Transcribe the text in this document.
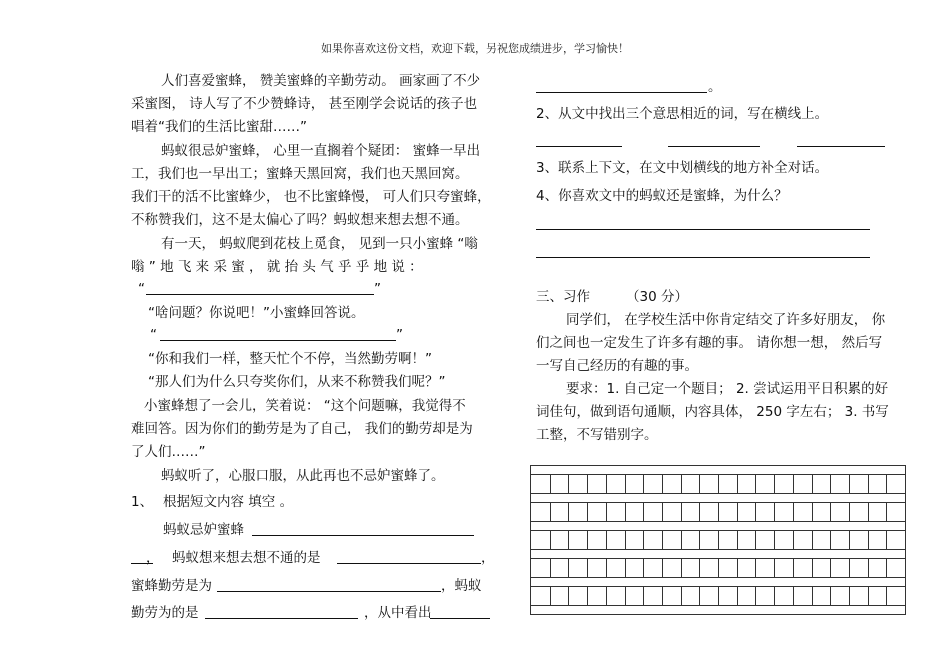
如果你喜欢这份文档，欢迎下载，另祝您成绩进步，学习愉快！
人们喜爱蜜蜂， 赞美蜜蜂的辛勤劳动。 画家画了不少
采蜜图， 诗人写了不少赞蜂诗， 甚至刚学会说话的孩子也
唱着“我们的生活比蜜甜……”
蚂蚁很忌妒蜜蜂， 心里一直搁着个疑团： 蜜蜂一早出
工，我们也一早出工；蜜蜂天黑回窝，我们也天黑回窝。
我们干的活不比蜜蜂少， 也不比蜜蜂慢， 可人们只夸蜜蜂，
不称赞我们，这不是太偏心了吗？蚂蚁想来想去想不通。
有一天， 蚂蚁爬到花枝上觅食， 见到一只小蜜蜂 “嗡
嗡 ” 地 飞 来 采 蜜 ， 就 抬 头 气 乎 乎 地 说 ：
“	”
“啥问题？你说吧！”小蜜蜂回答说。
“	”
“你和我们一样，整天忙个不停，当然勤劳啊！”
“那人们为什么只夸奖你们，从来不称赞我们呢？”
小蜜蜂想了一会儿，笑着说： “这个问题嘛，我觉得不
难回答。因为你们的勤劳是为了自己， 我们的勤劳却是为
了人们……”
蚂蚁听了，心服口服，从此再也不忌妒蜜蜂了。
1、 根据短文内容 填空 。
蚂蚁忌妒蜜蜂
， 蚂蚁想来想去想不通的是	，
蜜蜂勤劳是为	，蚂蚁
勤劳为的是	，从中看出
。
2、从文中找出三个意思相近的词，写在横线上。
3、联系上下文，在文中划横线的地方补全对话。
4、你喜欢文中的蚂蚁还是蜜蜂，为什么？
三、习作	（30 分）
同学们， 在学校生活中你肯定结交了许多好朋友， 你
们之间也一定发生了许多有趣的事。 请你想一想， 然后写
一写自己经历的有趣的事。
要求：1. 自己定一个题目； 2. 尝试运用平日积累的好
词佳句，做到语句通顺，内容具体， 250 字左右； 3. 书写
工整，不写错别字。
